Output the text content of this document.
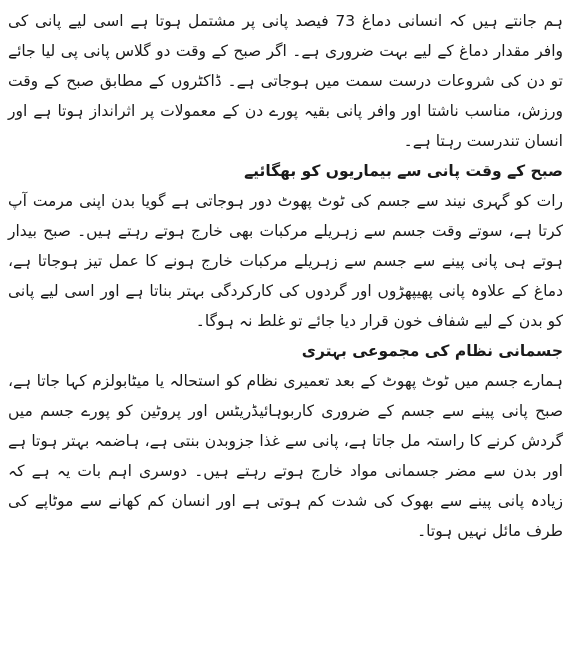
ہم جانتے ہیں کہ انسانی دماغ 73 فیصد پانی پر مشتمل ہوتا ہے اسی لیے پانی کی وافر مقدار دماغ کے لیے بہت ضروری ہے۔ اگر صبح کے وقت دو گلاس پانی پی لیا جائے تو دن کی شروعات درست سمت میں ہوجاتی ہے۔ ڈاکٹروں کے مطابق صبح کے وقت ورزش، مناسب ناشتا اور وافر پانی بقیہ پورے دن کے معمولات پر اثرانداز ہوتا ہے اور انسان تندرست رہتا ہے۔

صبح کے وقت پانی سے بیماریوں کو بھگائیے

رات کو گہری نیند سے جسم کی ٹوٹ پھوٹ دور ہوجاتی ہے گویا بدن اپنی مرمت آپ کرتا ہے، سوتے وقت جسم سے زہریلے مرکبات بھی خارج ہوتے رہتے ہیں۔ صبح بیدار ہوتے ہی پانی پینے سے جسم سے زہریلے مرکبات خارج ہونے کا عمل تیز ہوجاتا ہے، دماغ کے علاوہ پانی پھیپھڑوں اور گردوں کی کارکردگی بہتر بناتا ہے اور اسی لیے پانی کو بدن کے لیے شفاف خون قرار دیا جائے تو غلط نہ ہوگا۔

جسمانی نظام کی مجموعی بہتری

ہمارے جسم میں ٹوٹ پھوٹ کے بعد تعمیری نظام کو استحالہ یا میٹابولزم کہا جاتا ہے، صبح پانی پینے سے جسم کے ضروری کاربوہائیڈریٹس اور پروٹین کو پورے جسم میں گردش کرنے کا راستہ مل جاتا ہے، پانی سے غذا جزوبدن بنتی ہے، ہاضمہ بہتر ہوتا ہے اور بدن سے مضر جسمانی مواد خارج ہوتے رہتے ہیں۔ دوسری اہم بات یہ ہے کہ زیادہ پانی پینے سے بھوک کی شدت کم ہوتی ہے اور انسان کم کھانے سے موٹاپے کی طرف مائل نہیں ہوتا۔
